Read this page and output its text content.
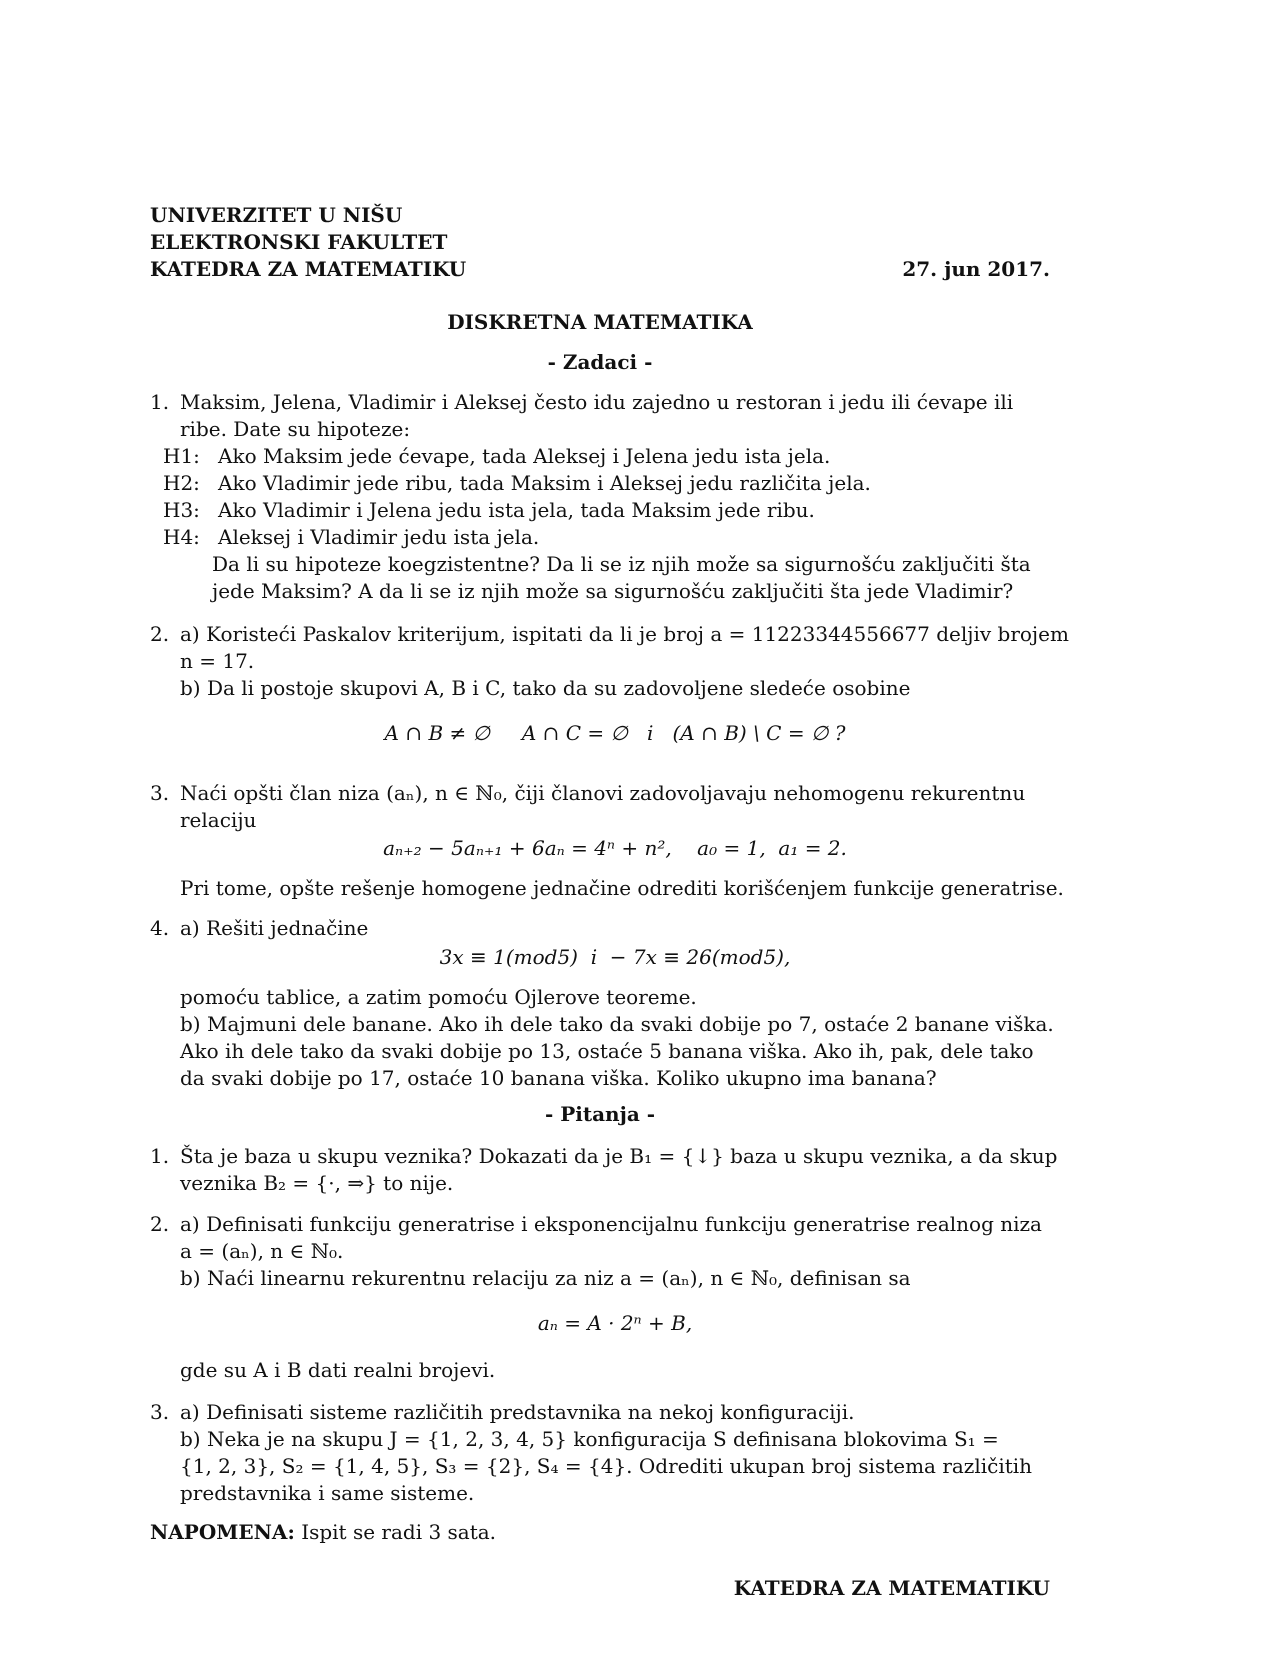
UNIVERZITET U NIŠU
ELEKTRONSKI FAKULTET
KATEDRA ZA MATEMATIKU	27. jun 2017.
DISKRETNA MATEMATIKA
- Zadaci -
1. Maksim, Jelena, Vladimir i Aleksej često idu zajedno u restoran i jedu ili ćevape ili
ribe. Date su hipoteze:
H1: Ako Maksim jede ćevape, tada Aleksej i Jelena jedu ista jela.
H2: Ako Vladimir jede ribu, tada Maksim i Aleksej jedu različita jela.
H3: Ako Vladimir i Jelena jedu ista jela, tada Maksim jede ribu.
H4: Aleksej i Vladimir jedu ista jela.
Da li su hipoteze koegzistentne? Da li se iz njih može sa sigurnošću zaključiti šta
jede Maksim? A da li se iz njih može sa sigurnošću zaključiti šta jede Vladimir?
2. a) Koristeći Paskalov kriterijum, ispitati da li je broj a = 11223344556677 deljiv brojem
n = 17.
b) Da li postoje skupovi A, B i C, tako da su zadovoljene sledeće osobine
A ∩ B ≠ ∅     A ∩ C = ∅   i   (A ∩ B) \ C = ∅ ?
3. Naći opšti član niza (aₙ), n ∈ ℕ₀, čiji članovi zadovoljavaju nehomogenu rekurentnu
relaciju
aₙ₊₂ − 5aₙ₊₁ + 6aₙ = 4ⁿ + n²,    a₀ = 1,  a₁ = 2.
Pri tome, opšte rešenje homogene jednačine odrediti korišćenjem funkcije generatrise.
4. a) Rešiti jednačine
3x ≡ 1(mod5)  i  − 7x ≡ 26(mod5),
pomoću tablice, a zatim pomoću Ojlerove teoreme.
b) Majmuni dele banane. Ako ih dele tako da svaki dobije po 7, ostaće 2 banane viška.
Ako ih dele tako da svaki dobije po 13, ostaće 5 banana viška. Ako ih, pak, dele tako
da svaki dobije po 17, ostaće 10 banana viška. Koliko ukupno ima banana?
- Pitanja -
1. Šta je baza u skupu veznika? Dokazati da je B₁ = {↓} baza u skupu veznika, a da skup
veznika B₂ = {·, ⇒} to nije.
2. a) Definisati funkciju generatrise i eksponencijalnu funkciju generatrise realnog niza
a = (aₙ), n ∈ ℕ₀.
b) Naći linearnu rekurentnu relaciju za niz a = (aₙ), n ∈ ℕ₀, definisan sa
aₙ = A · 2ⁿ + B,
gde su A i B dati realni brojevi.
3. a) Definisati sisteme različitih predstavnika na nekoj konfiguraciji.
b) Neka je na skupu J = {1, 2, 3, 4, 5} konfiguracija S definisana blokovima S₁ =
{1, 2, 3}, S₂ = {1, 4, 5}, S₃ = {2}, S₄ = {4}. Odrediti ukupan broj sistema različitih
predstavnika i same sisteme.
NAPOMENA: Ispit se radi 3 sata.
KATEDRA ZA MATEMATIKU
